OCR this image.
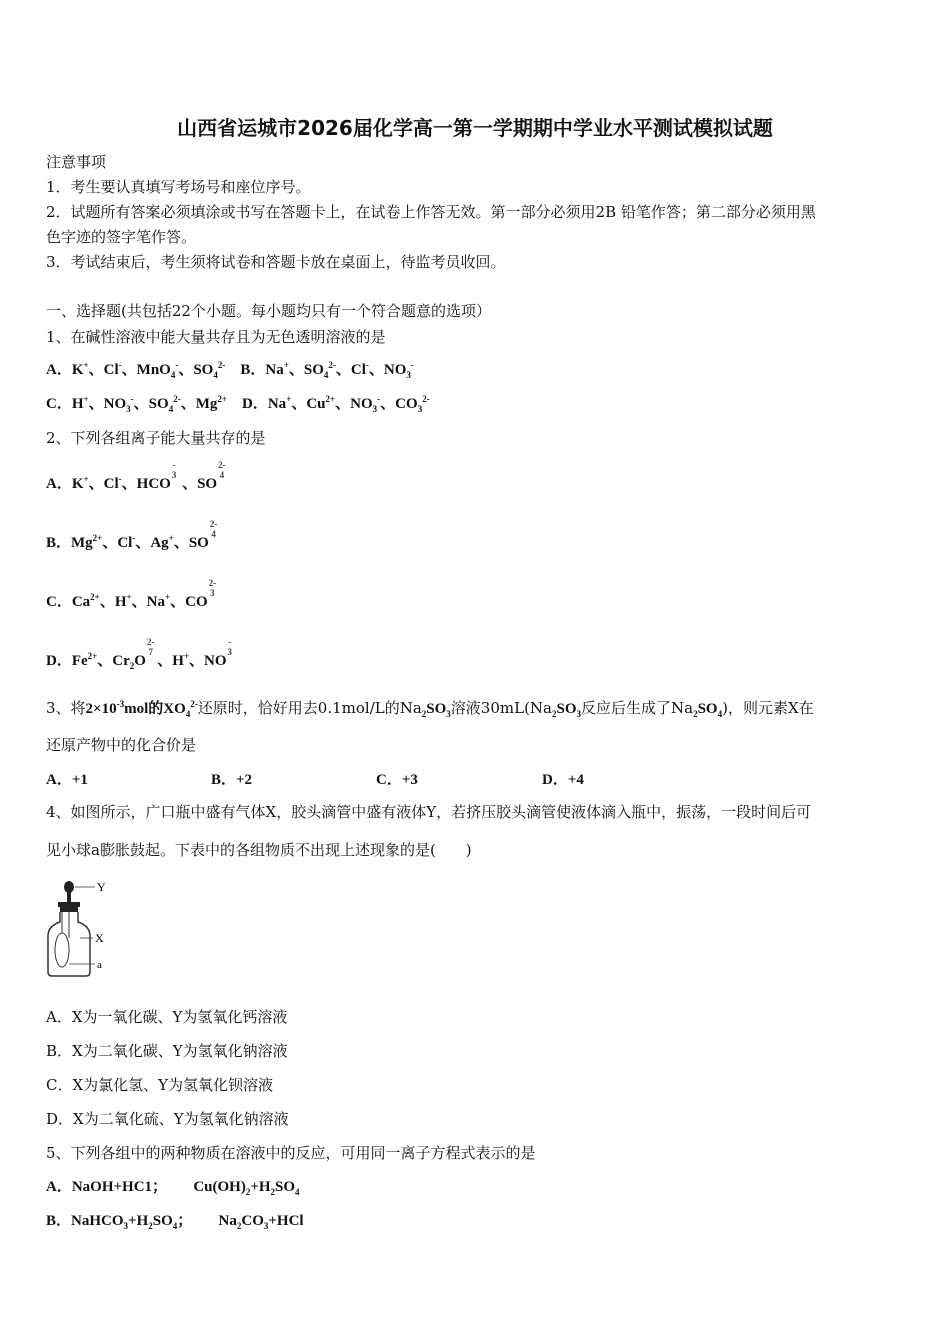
山西省运城市2026届化学高一第一学期期中学业水平测试模拟试题
注意事项
1．考生要认真填写考场号和座位序号。
2．试题所有答案必须填涂或书写在答题卡上，在试卷上作答无效。第一部分必须用2B 铅笔作答；第二部分必须用黑
色字迹的签字笔作答。
3．考试结束后，考生须将试卷和答题卡放在桌面上，待监考员收回。
一、选择题(共包括22个小题。每小题均只有一个符合题意的选项）
1、在碱性溶液中能大量共存且为无色透明溶液的是
A．K+、Cl-、MnO$_4$-、$SO_4^{2-}$ B．Na+、$SO_4^{2-}$、Cl-、$NO_3^-$
C．H+、$NO_3^-$、$SO_4^{2-}$、$Mg^{2+}$ D．Na+、$Cu^{2+}$、$NO_3^-$、$CO_3^{2-}$
2、下列各组离子能大量共存的是
A．K+、Cl-、HCO
-
3
、SO
2-
4

B．$Mg^{2+}$、Cl-、Ag+、SO
2-
4

C．$Ca^{2+}$、H+、Na+、CO
2-
3

D．$Fe^{2+}$、$Cr_2O$
2-
7
、H+、NO
-
3

3、将$2\times 10^{-3}mol$的$XO_4^{2-}$还原时，恰好用去0.1mol/L的$Na_2SO_3$溶液$30mL(Na_2SO_3$反应后生成了$Na_2SO_4$)，则元素X在
还原产物中的化合价是
A．+1	B．+2	C．+3	D．+4
4、如图所示，广口瓶中盛有气体X，胶头滴管中盛有液体Y，若挤压胶头滴管使液体滴入瓶中，振荡，一段时间后可
见小球a膨胀鼓起。下表中的各组物质不出现上述现象的是(　　)
Y
X
a
A．X为一氧化碳、Y为氢氧化钙溶液
B．X为二氧化碳、Y为氢氧化钠溶液
C．X为氯化氢、Y为氢氧化钡溶液
D．X为二氧化硫、Y为氢氧化钠溶液
5、下列各组中的两种物质在溶液中的反应，可用同一离子方程式表示的是
A．NaOH+HC1；       $Cu(OH)_2+H_2SO_4$
B．$NaHCO_3+H_2SO_4$；       $Na_2CO_3+HCl$
